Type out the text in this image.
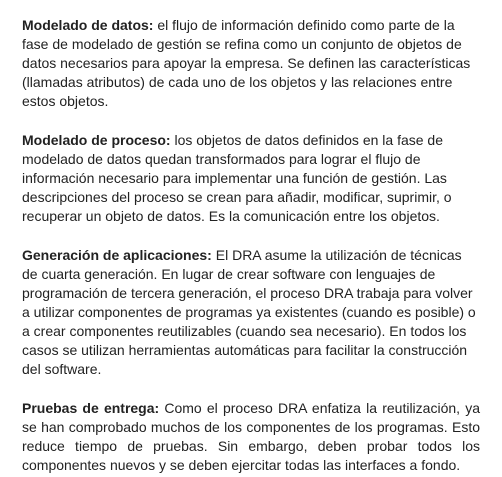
Modelado de datos: el flujo de información definido como parte de la fase de modelado de gestión se refina como un conjunto de objetos de datos necesarios para apoyar la empresa. Se definen las características (llamadas atributos) de cada uno de los objetos y las relaciones entre estos objetos.

Modelado de proceso: los objetos de datos definidos en la fase de modelado de datos quedan transformados para lograr el flujo de información necesario para implementar una función de gestión. Las descripciones del proceso se crean para añadir, modificar, suprimir, o recuperar un objeto de datos. Es la comunicación entre los objetos.

Generación de aplicaciones: El DRA asume la utilización de técnicas de cuarta generación. En lugar de crear software con lenguajes de programación de tercera generación, el proceso DRA trabaja para volver a utilizar componentes de programas ya existentes (cuando es posible) o a crear componentes reutilizables (cuando sea necesario). En todos los casos se utilizan herramientas automáticas para facilitar la construcción del software.

Pruebas de entrega: Como el proceso DRA enfatiza la reutilización, ya se han comprobado muchos de los componentes de los programas. Esto reduce tiempo de pruebas. Sin embargo, deben probar todos los componentes nuevos y se deben ejercitar todas las interfaces a fondo.
